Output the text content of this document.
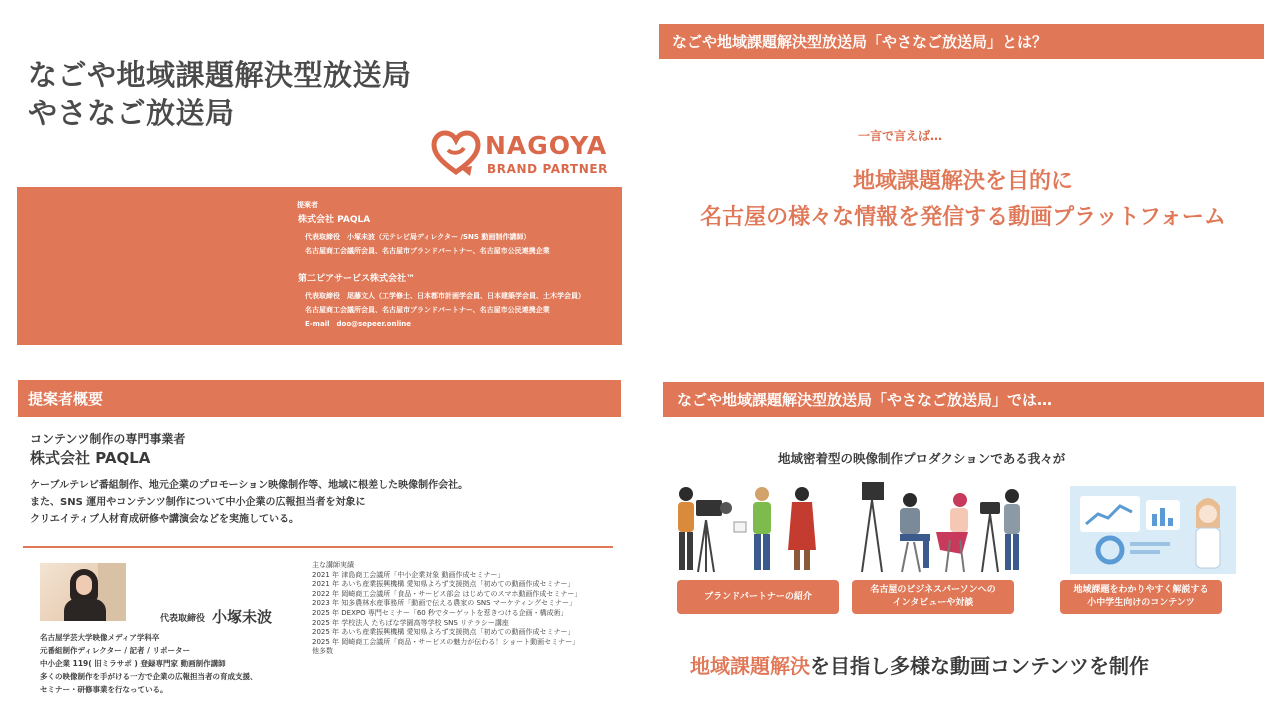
なごや地域課題解決型放送局
やさなご放送局
NAGOYA
BRAND PARTNER
提案者
株式会社 PAQLA
代表取締役　小塚未波（元テレビ局ディレクター /SNS 動画制作講師）
名古屋商工会議所会員、名古屋市ブランドパートナー、名古屋市公民連携企業
第二ピアサービス株式会社™
代表取締役　尾藤文人（工学修士、日本都市計画学会員、日本建築学会員、土木学会員）
名古屋商工会議所会員、名古屋市ブランドパートナー、名古屋市公民連携企業
E-mail　doo@sepeer.online
提案者概要
コンテンツ制作の専門事業者
株式会社 PAQLA
ケーブルテレビ番組制作、地元企業のプロモーション映像制作等、地域に根差した映像制作会社。
また、SNS 運用やコンテンツ制作について中小企業の広報担当者を対象に
クリエイティブ人材育成研修や講演会などを実施している。
代表取締役 小塚未波
名古屋学芸大学映像メディア学科卒
元番組制作ディレクター / 記者 / リポーター
中小企業 119( 旧ミラサポ ) 登録専門家 動画制作講師
多くの映像制作を手がける一方で企業の広報担当者の育成支援、
セミナー・研修事業を行なっている。
主な講師実績
2021 年 津島商工会議所「中小企業対象 動画作成セミナー」
2021 年 あいち産業振興機構 愛知県よろず支援拠点「初めての動画作成セミナー」
2022 年 岡崎商工会議所「食品・サービス部会 はじめてのスマホ動画作成セミナー」
2023 年 知多農林水産事務所「動画で伝える農家の SNS マーケティングセミナー」
2025 年 DEXPO 専門セミナー「60 秒でターゲットを惹きつける企画・構成術」
2025 年 学校法人 たちばな学園高等学校 SNS リテラシー講座
2025 年 あいち産業振興機構 愛知県よろず支援拠点「初めての動画作成セミナー」
2025 年 岡崎商工会議所「商品・サービスの魅力が伝わる！ショート動画セミナー」
他多数
なごや地域課題解決型放送局「やさなご放送局」とは？
一言で言えば…
地域課題解決を目的に
名古屋の様々な情報を発信する動画プラットフォーム
なごや地域課題解決型放送局「やさなご放送局」では…
地域密着型の映像制作プロダクションである我々が
ブランドパートナーの紹介
名古屋のビジネスパーソンへの
インタビューや対談
地域課題をわかりやすく解説する
小中学生向けのコンテンツ
地域課題解決を目指し多様な動画コンテンツを制作
